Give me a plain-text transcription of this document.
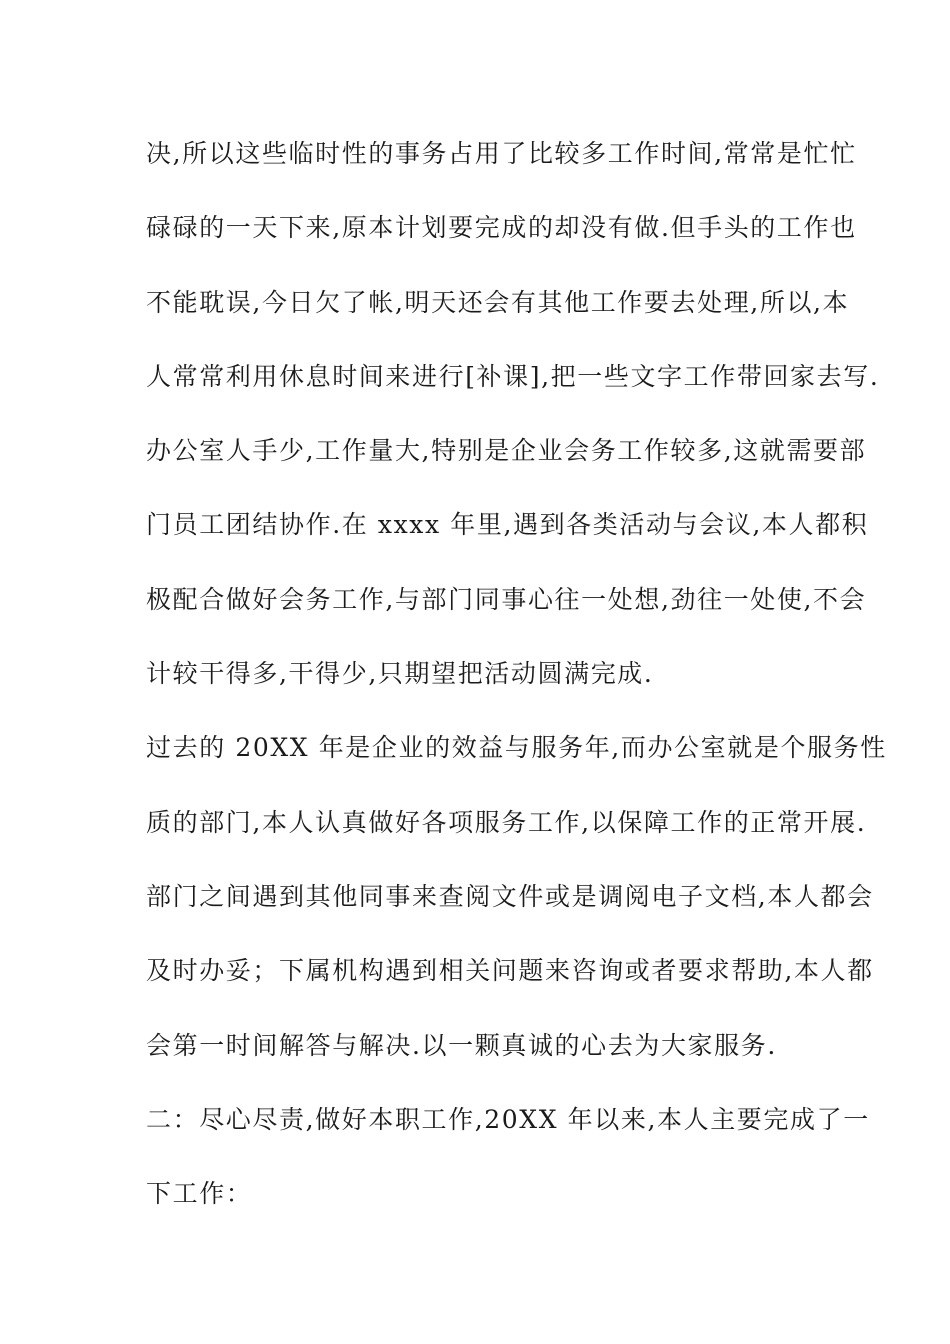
决,所以这些临时性的事务占用了比较多工作时间,常常是忙忙
碌碌的一天下来,原本计划要完成的却没有做.但手头的工作也
不能耽误,今日欠了帐,明天还会有其他工作要去处理,所以,本
人常常利用休息时间来进行[补课],把一些文字工作带回家去写.
办公室人手少,工作量大,特别是企业会务工作较多,这就需要部
门员工团结协作.在 xxxx 年里,遇到各类活动与会议,本人都积
极配合做好会务工作,与部门同事心往一处想,劲往一处使,不会
计较干得多,干得少,只期望把活动圆满完成.
过去的 20XX 年是企业的效益与服务年,而办公室就是个服务性
质的部门,本人认真做好各项服务工作,以保障工作的正常开展.
部门之间遇到其他同事来查阅文件或是调阅电子文档,本人都会
及时办妥；下属机构遇到相关问题来咨询或者要求帮助,本人都
会第一时间解答与解决.以一颗真诚的心去为大家服务.
二：尽心尽责,做好本职工作,20XX 年以来,本人主要完成了一
下工作：
